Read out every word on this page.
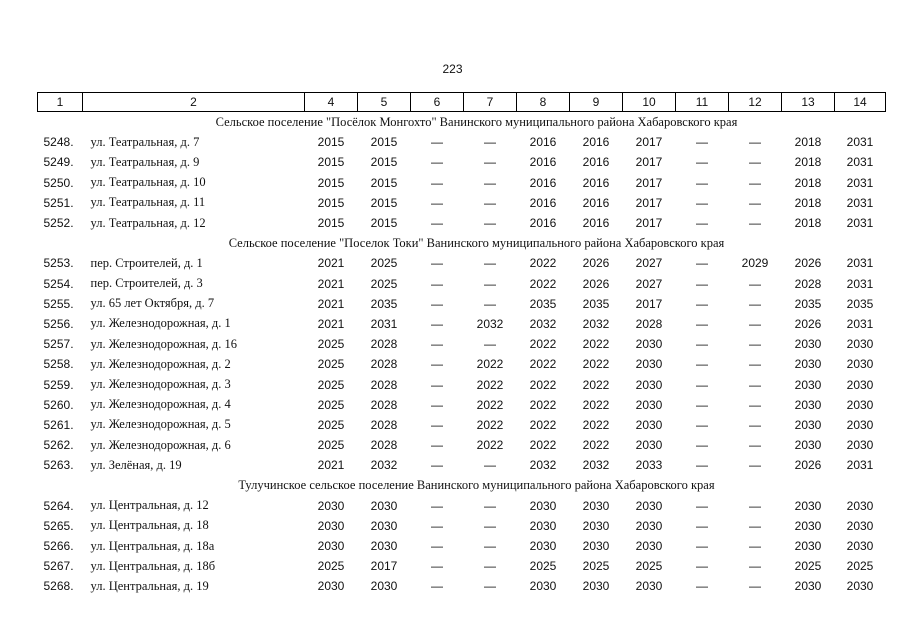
223
1	2	4	5	6	7	8	9	10	11	12	13	14
Сельское поселение "Посёлок Монгохто" Ванинского муниципального района Хабаровского края												
5248.	ул. Театральная, д. 7	2015	2015	—	—	2016	2016	2017	—	—	2018	2031
5249.	ул. Театральная, д. 9	2015	2015	—	—	2016	2016	2017	—	—	2018	2031
5250.	ул. Театральная, д. 10	2015	2015	—	—	2016	2016	2017	—	—	2018	2031
5251.	ул. Театральная, д. 11	2015	2015	—	—	2016	2016	2017	—	—	2018	2031
5252.	ул. Театральная, д. 12	2015	2015	—	—	2016	2016	2017	—	—	2018	2031
Сельское поселение "Поселок Токи" Ванинского муниципального района Хабаровского края												
5253.	пер. Строителей, д. 1	2021	2025	—	—	2022	2026	2027	—	2029	2026	2031
5254.	пер. Строителей, д. 3	2021	2025	—	—	2022	2026	2027	—	—	2028	2031
5255.	ул. 65 лет Октября, д. 7	2021	2035	—	—	2035	2035	2017	—	—	2035	2035
5256.	ул. Железнодорожная, д. 1	2021	2031	—	2032	2032	2032	2028	—	—	2026	2031
5257.	ул. Железнодорожная, д. 16	2025	2028	—	—	2022	2022	2030	—	—	2030	2030
5258.	ул. Железнодорожная, д. 2	2025	2028	—	2022	2022	2022	2030	—	—	2030	2030
5259.	ул. Железнодорожная, д. 3	2025	2028	—	2022	2022	2022	2030	—	—	2030	2030
5260.	ул. Железнодорожная, д. 4	2025	2028	—	2022	2022	2022	2030	—	—	2030	2030
5261.	ул. Железнодорожная, д. 5	2025	2028	—	2022	2022	2022	2030	—	—	2030	2030
5262.	ул. Железнодорожная, д. 6	2025	2028	—	2022	2022	2022	2030	—	—	2030	2030
5263.	ул. Зелёная, д. 19	2021	2032	—	—	2032	2032	2033	—	—	2026	2031
Тулучинское сельское поселение Ванинского муниципального района Хабаровского края												
5264.	ул. Центральная, д. 12	2030	2030	—	—	2030	2030	2030	—	—	2030	2030
5265.	ул. Центральная, д. 18	2030	2030	—	—	2030	2030	2030	—	—	2030	2030
5266.	ул. Центральная, д. 18а	2030	2030	—	—	2030	2030	2030	—	—	2030	2030
5267.	ул. Центральная, д. 18б	2025	2017	—	—	2025	2025	2025	—	—	2025	2025
5268.	ул. Центральная, д. 19	2030	2030	—	—	2030	2030	2030	—	—	2030	2030
